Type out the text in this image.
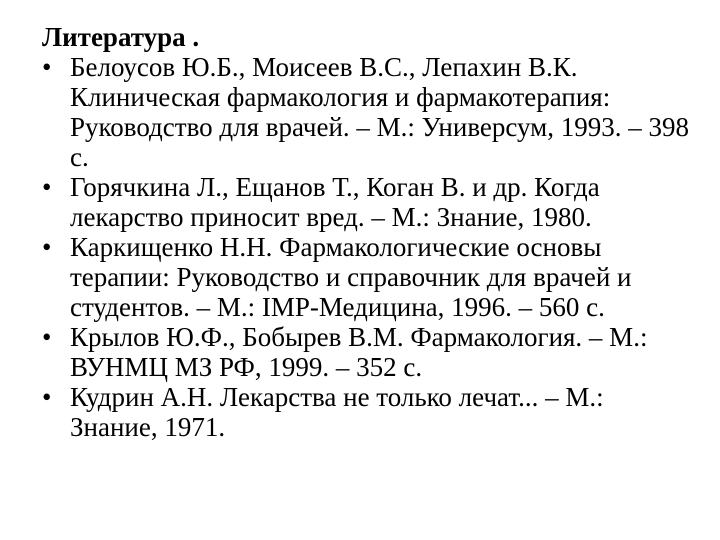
Литература .
• Белоусов Ю.Б., Моисеев В.С., Лепахин В.К. Клиническая фармакология и фармакотерапия: Руководство для врачей. – М.: Универсум, 1993. – 398 с.
• Горячкина Л., Ещанов Т., Коган В. и др. Когда лекарство приносит вред. – М.: Знание, 1980.
• Каркищенко Н.Н. Фармакологические основы терапии: Руководство и справочник для врачей и студентов. – М.: IMP-Медицина, 1996. – 560 с.
• Крылов Ю.Ф., Бобырев В.М. Фармакология. – М.: ВУНМЦ МЗ РФ, 1999. – 352 с.
• Кудрин А.Н. Лекарства не только лечат... – М.: Знание, 1971.
